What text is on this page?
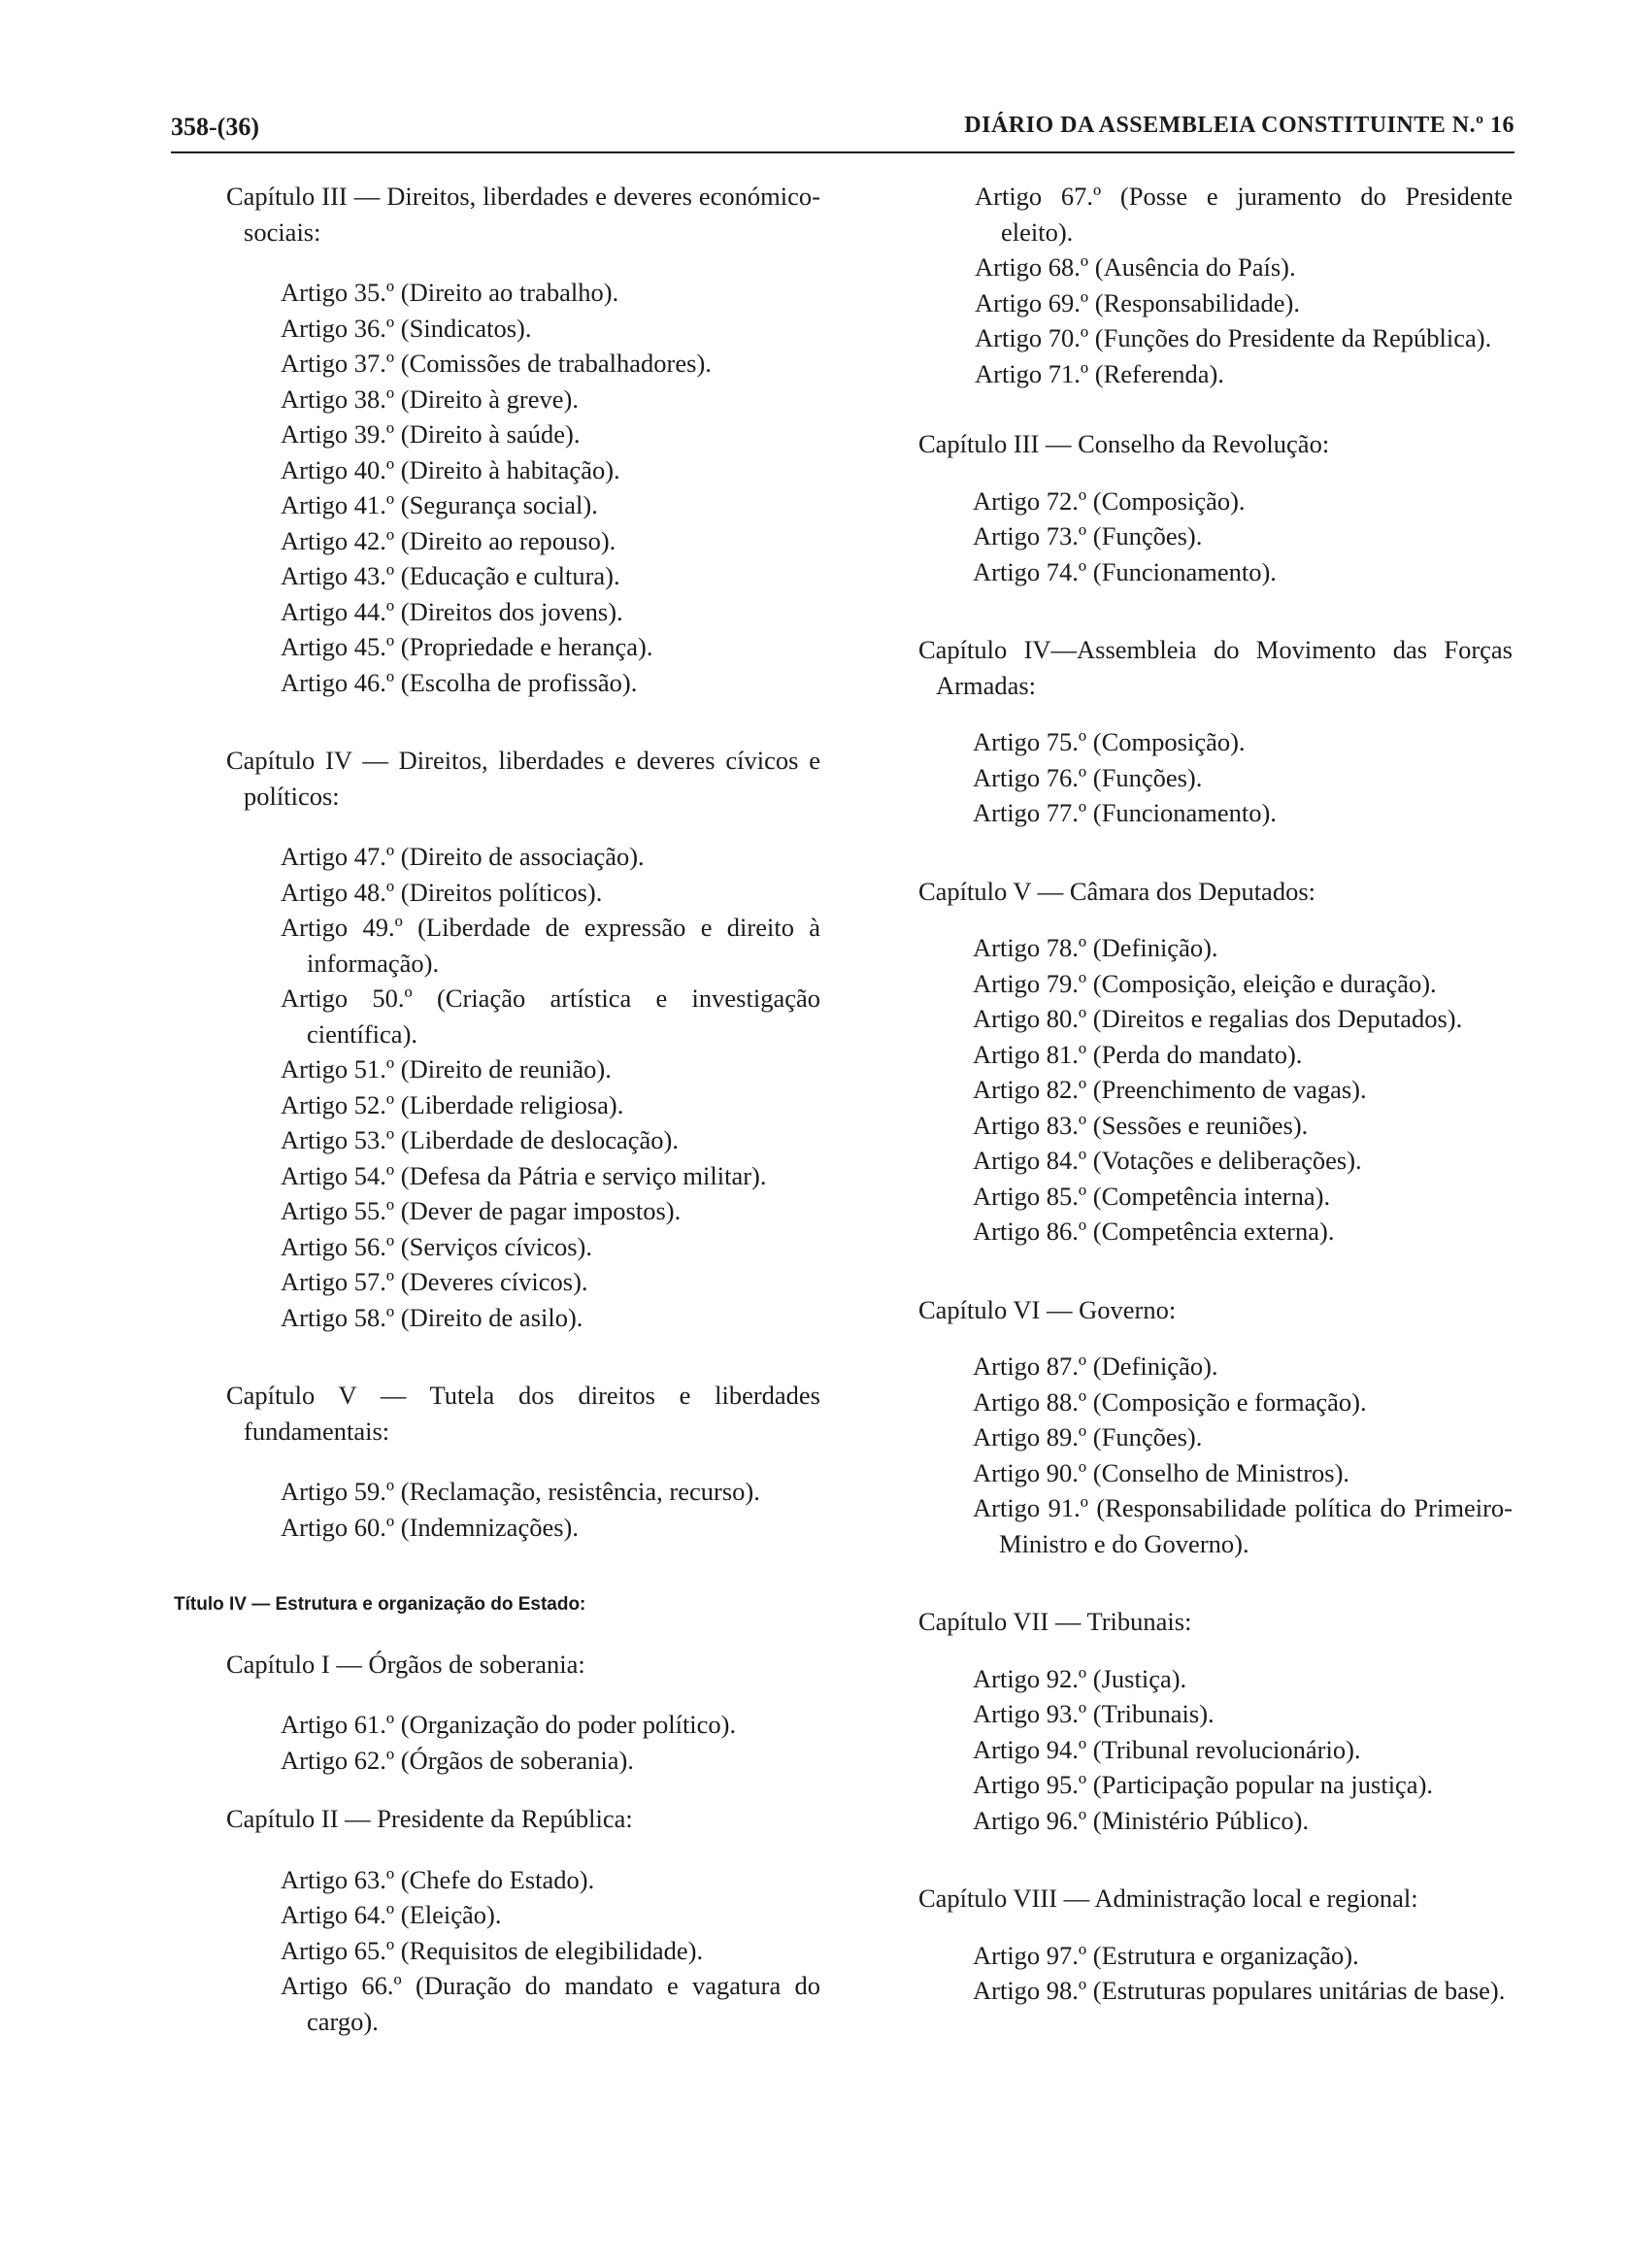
358-(36)	DIÁRIO DA ASSEMBLEIA CONSTITUINTE N.º 16
Capítulo III — Direitos, liberdades e deveres económico-sociais:
Artigo 35.º (Direito ao trabalho).
Artigo 36.º (Sindicatos).
Artigo 37.º (Comissões de trabalhadores).
Artigo 38.º (Direito à greve).
Artigo 39.º (Direito à saúde).
Artigo 40.º (Direito à habitação).
Artigo 41.º (Segurança social).
Artigo 42.º (Direito ao repouso).
Artigo 43.º (Educação e cultura).
Artigo 44.º (Direitos dos jovens).
Artigo 45.º (Propriedade e herança).
Artigo 46.º (Escolha de profissão).
Capítulo IV — Direitos, liberdades e deveres cívicos e políticos:
Artigo 47.º (Direito de associação).
Artigo 48.º (Direitos políticos).
Artigo 49.º (Liberdade de expressão e direito à informação).
Artigo 50.º (Criação artística e investigação científica).
Artigo 51.º (Direito de reunião).
Artigo 52.º (Liberdade religiosa).
Artigo 53.º (Liberdade de deslocação).
Artigo 54.º (Defesa da Pátria e serviço militar).
Artigo 55.º (Dever de pagar impostos).
Artigo 56.º (Serviços cívicos).
Artigo 57.º (Deveres cívicos).
Artigo 58.º (Direito de asilo).
Capítulo V — Tutela dos direitos e liberdades fundamentais:
Artigo 59.º (Reclamação, resistência, recurso).
Artigo 60.º (Indemnizações).
Título IV — Estrutura e organização do Estado:
Capítulo I — Órgãos de soberania:
Artigo 61.º (Organização do poder político).
Artigo 62.º (Órgãos de soberania).
Capítulo II — Presidente da República:
Artigo 63.º (Chefe do Estado).
Artigo 64.º (Eleição).
Artigo 65.º (Requisitos de elegibilidade).
Artigo 66.º (Duração do mandato e vagatura do cargo).
Artigo 67.º (Posse e juramento do Presidente eleito).
Artigo 68.º (Ausência do País).
Artigo 69.º (Responsabilidade).
Artigo 70.º (Funções do Presidente da República).
Artigo 71.º (Referenda).
Capítulo III — Conselho da Revolução:
Artigo 72.º (Composição).
Artigo 73.º (Funções).
Artigo 74.º (Funcionamento).
Capítulo IV—Assembleia do Movimento das Forças Armadas:
Artigo 75.º (Composição).
Artigo 76.º (Funções).
Artigo 77.º (Funcionamento).
Capítulo V — Câmara dos Deputados:
Artigo 78.º (Definição).
Artigo 79.º (Composição, eleição e duração).
Artigo 80.º (Direitos e regalias dos Deputados).
Artigo 81.º (Perda do mandato).
Artigo 82.º (Preenchimento de vagas).
Artigo 83.º (Sessões e reuniões).
Artigo 84.º (Votações e deliberações).
Artigo 85.º (Competência interna).
Artigo 86.º (Competência externa).
Capítulo VI — Governo:
Artigo 87.º (Definição).
Artigo 88.º (Composição e formação).
Artigo 89.º (Funções).
Artigo 90.º (Conselho de Ministros).
Artigo 91.º (Responsabilidade política do Primeiro-Ministro e do Governo).
Capítulo VII — Tribunais:
Artigo 92.º (Justiça).
Artigo 93.º (Tribunais).
Artigo 94.º (Tribunal revolucionário).
Artigo 95.º (Participação popular na justiça).
Artigo 96.º (Ministério Público).
Capítulo VIII — Administração local e regional:
Artigo 97.º (Estrutura e organização).
Artigo 98.º (Estruturas populares unitárias de base).
